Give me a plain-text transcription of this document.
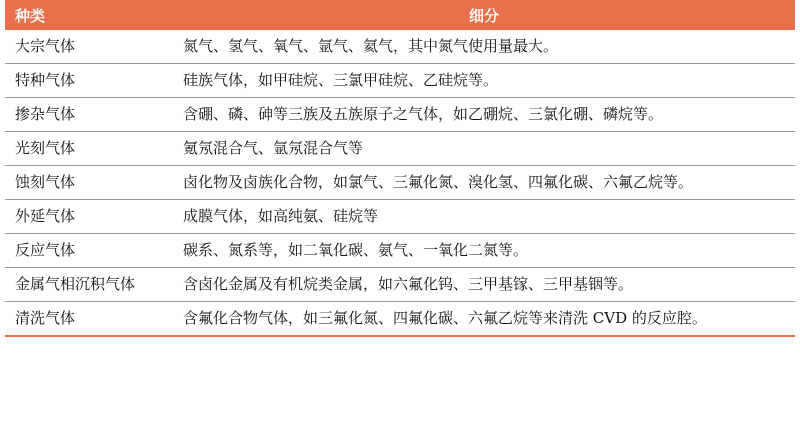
种类	细分
大宗气体	氮气、氢气、氧气、氩气、氦气，其中氮气使用量最大。
特种气体	硅族气体，如甲硅烷、三氯甲硅烷、乙硅烷等。
掺杂气体	含硼、磷、砷等三族及五族原子之气体，如乙硼烷、三氯化硼、磷烷等。
光刻气体	氪氖混合气、氩氖混合气等
蚀刻气体	卤化物及卤族化合物，如氯气、三氟化氮、溴化氢、四氟化碳、六氟乙烷等。
外延气体	成膜气体，如高纯氨、硅烷等
反应气体	碳系、氮系等，如二氧化碳、氨气、一氧化二氮等。
金属气相沉积气体	含卤化金属及有机烷类金属，如六氟化钨、三甲基镓、三甲基铟等。
清洗气体	含氟化合物气体，如三氟化氮、四氟化碳、六氟乙烷等来清洗 CVD 的反应腔。
